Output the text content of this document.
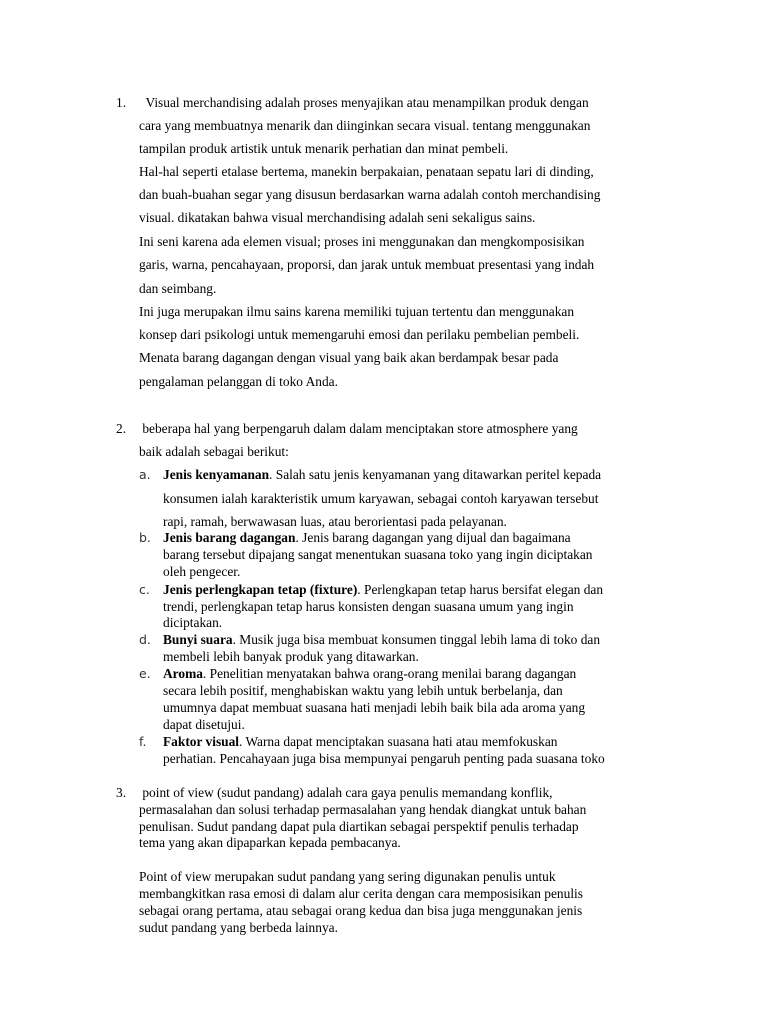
1. Visual merchandising adalah proses menyajikan atau menampilkan produk dengan
cara yang membuatnya menarik dan diinginkan secara visual. tentang menggunakan
tampilan produk artistik untuk menarik perhatian dan minat pembeli.
Hal-hal seperti etalase bertema, manekin berpakaian, penataan sepatu lari di dinding,
dan buah-buahan segar yang disusun berdasarkan warna adalah contoh merchandising
visual. dikatakan bahwa visual merchandising adalah seni sekaligus sains.
Ini seni karena ada elemen visual; proses ini menggunakan dan mengkomposisikan
garis, warna, pencahayaan, proporsi, dan jarak untuk membuat presentasi yang indah
dan seimbang.
Ini juga merupakan ilmu sains karena memiliki tujuan tertentu dan menggunakan
konsep dari psikologi untuk memengaruhi emosi dan perilaku pembelian pembeli.
Menata barang dagangan dengan visual yang baik akan berdampak besar pada
pengalaman pelanggan di toko Anda.
2. beberapa hal yang berpengaruh dalam dalam menciptakan store atmosphere yang
baik adalah sebagai berikut:
a. Jenis kenyamanan. Salah satu jenis kenyamanan yang ditawarkan peritel kepada
konsumen ialah karakteristik umum karyawan, sebagai contoh karyawan tersebut
rapi, ramah, berwawasan luas, atau berorientasi pada pelayanan.
b. Jenis barang dagangan. Jenis barang dagangan yang dijual dan bagaimana
barang tersebut dipajang sangat menentukan suasana toko yang ingin diciptakan
oleh pengecer.
c. Jenis perlengkapan tetap (fixture). Perlengkapan tetap harus bersifat elegan dan
trendi, perlengkapan tetap harus konsisten dengan suasana umum yang ingin
diciptakan.
d. Bunyi suara. Musik juga bisa membuat konsumen tinggal lebih lama di toko dan
membeli lebih banyak produk yang ditawarkan.
e. Aroma. Penelitian menyatakan bahwa orang-orang menilai barang dagangan
secara lebih positif, menghabiskan waktu yang lebih untuk berbelanja, dan
umumnya dapat membuat suasana hati menjadi lebih baik bila ada aroma yang
dapat disetujui.
f. Faktor visual. Warna dapat menciptakan suasana hati atau memfokuskan
perhatian. Pencahayaan juga bisa mempunyai pengaruh penting pada suasana toko
3. point of view (sudut pandang) adalah cara gaya penulis memandang konflik,
permasalahan dan solusi terhadap permasalahan yang hendak diangkat untuk bahan
penulisan. Sudut pandang dapat pula diartikan sebagai perspektif penulis terhadap
tema yang akan dipaparkan kepada pembacanya.
Point of view merupakan sudut pandang yang sering digunakan penulis untuk
membangkitkan rasa emosi di dalam alur cerita dengan cara memposisikan penulis
sebagai orang pertama, atau sebagai orang kedua dan bisa juga menggunakan jenis
sudut pandang yang berbeda lainnya.
